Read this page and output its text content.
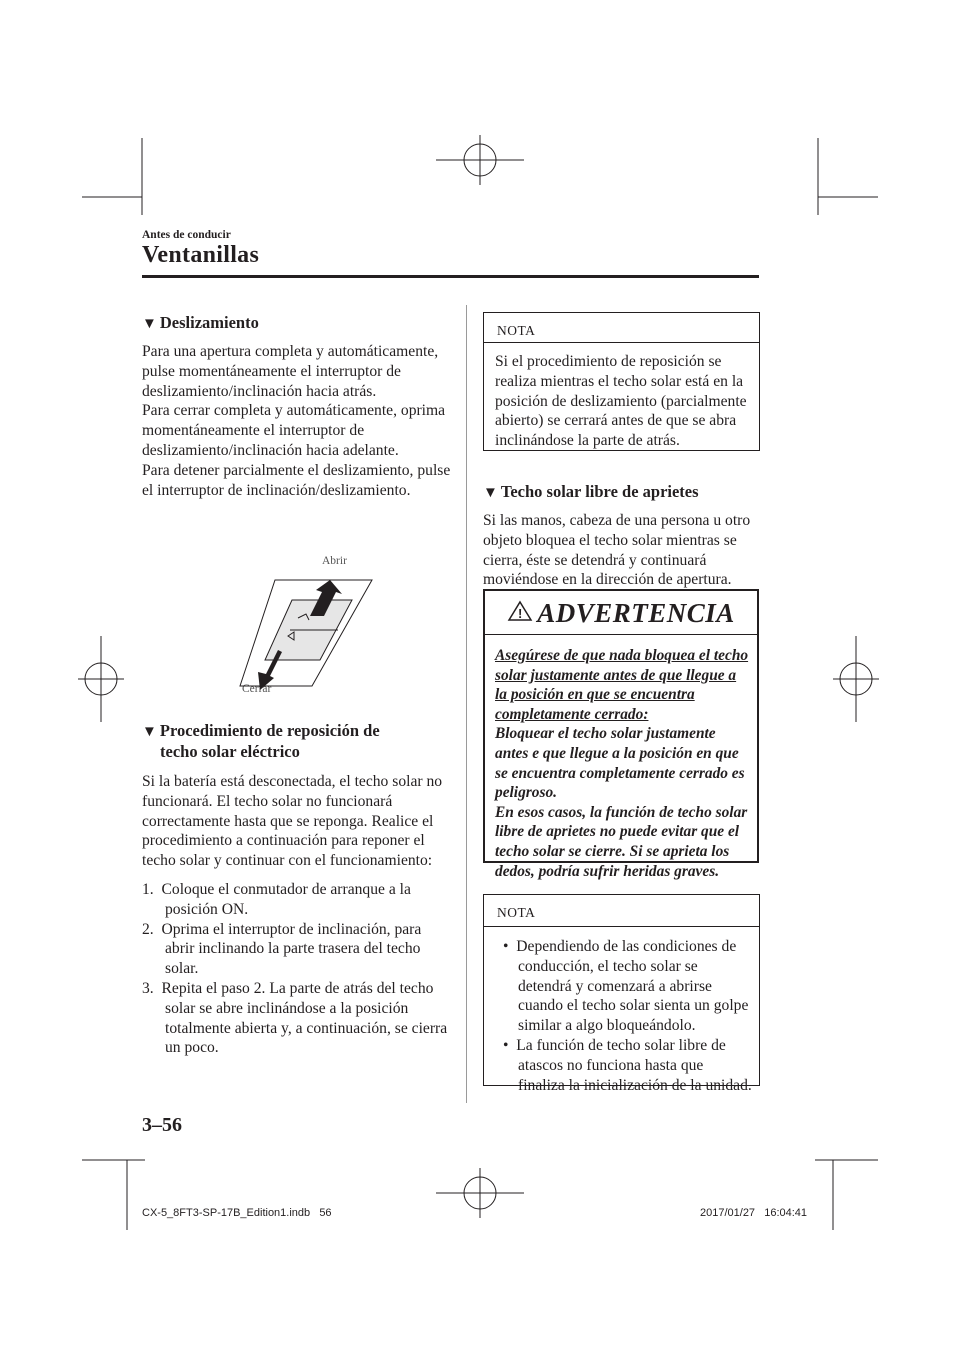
Antes de conducir
Ventanillas
▼ Deslizamiento

Para una apertura completa y automáticamente, pulse momentáneamente el interruptor de deslizamiento/inclinación hacia atrás.

Para cerrar completa y automáticamente, oprima momentáneamente el interruptor de deslizamiento/inclinación hacia adelante.

Para detener parcialmente el deslizamiento, pulse el interruptor de inclinación/deslizamiento.

Abrir
Cerrar
▼ Procedimiento de reposición de
techo solar eléctrico

Si la batería está desconectada, el techo solar no funcionará. El techo solar no funcionará correctamente hasta que se reponga. Realice el procedimiento a continuación para reponer el techo solar y continuar con el funcionamiento:

1. Coloque el conmutador de arranque a la posición ON.
2. Oprima el interruptor de inclinación, para abrir inclinando la parte trasera del techo solar.
3. Repita el paso 2. La parte de atrás del techo solar se abre inclinándose a la posición totalmente abierta y, a continuación, se cierra un poco.
NOTA

Si el procedimiento de reposición se realiza mientras el techo solar está en la posición de deslizamiento (parcialmente abierto) se cerrará antes de que se abra inclinándose la parte de atrás.

▼ Techo solar libre de aprietes

Si las manos, cabeza de una persona u otro objeto bloquea el techo solar mientras se cierra, éste se detendrá y continuará moviéndose en la dirección de apertura.

! ADVERTENCIA
Asegúrese de que nada bloquea el techo solar justamente antes de que llegue a la posición en que se encuentra completamente cerrado:
Bloquear el techo solar justamente antes e que llegue a la posición en que se encuentra completamente cerrado es peligroso.
En esos casos, la función de techo solar libre de aprietes no puede evitar que el techo solar se cierre. Si se aprieta los dedos, podría sufrir heridas graves.
NOTA
•  Dependiendo de las condiciones de conducción, el techo solar se detendrá y comenzará a abrirse cuando el techo solar sienta un golpe similar a algo bloqueándolo.
•  La función de techo solar libre de atascos no funciona hasta que finaliza la inicialización de la unidad.
3–56
CX-5_8FT3-SP-17B_Edition1.indb   56	2017/01/27   16:04:41
